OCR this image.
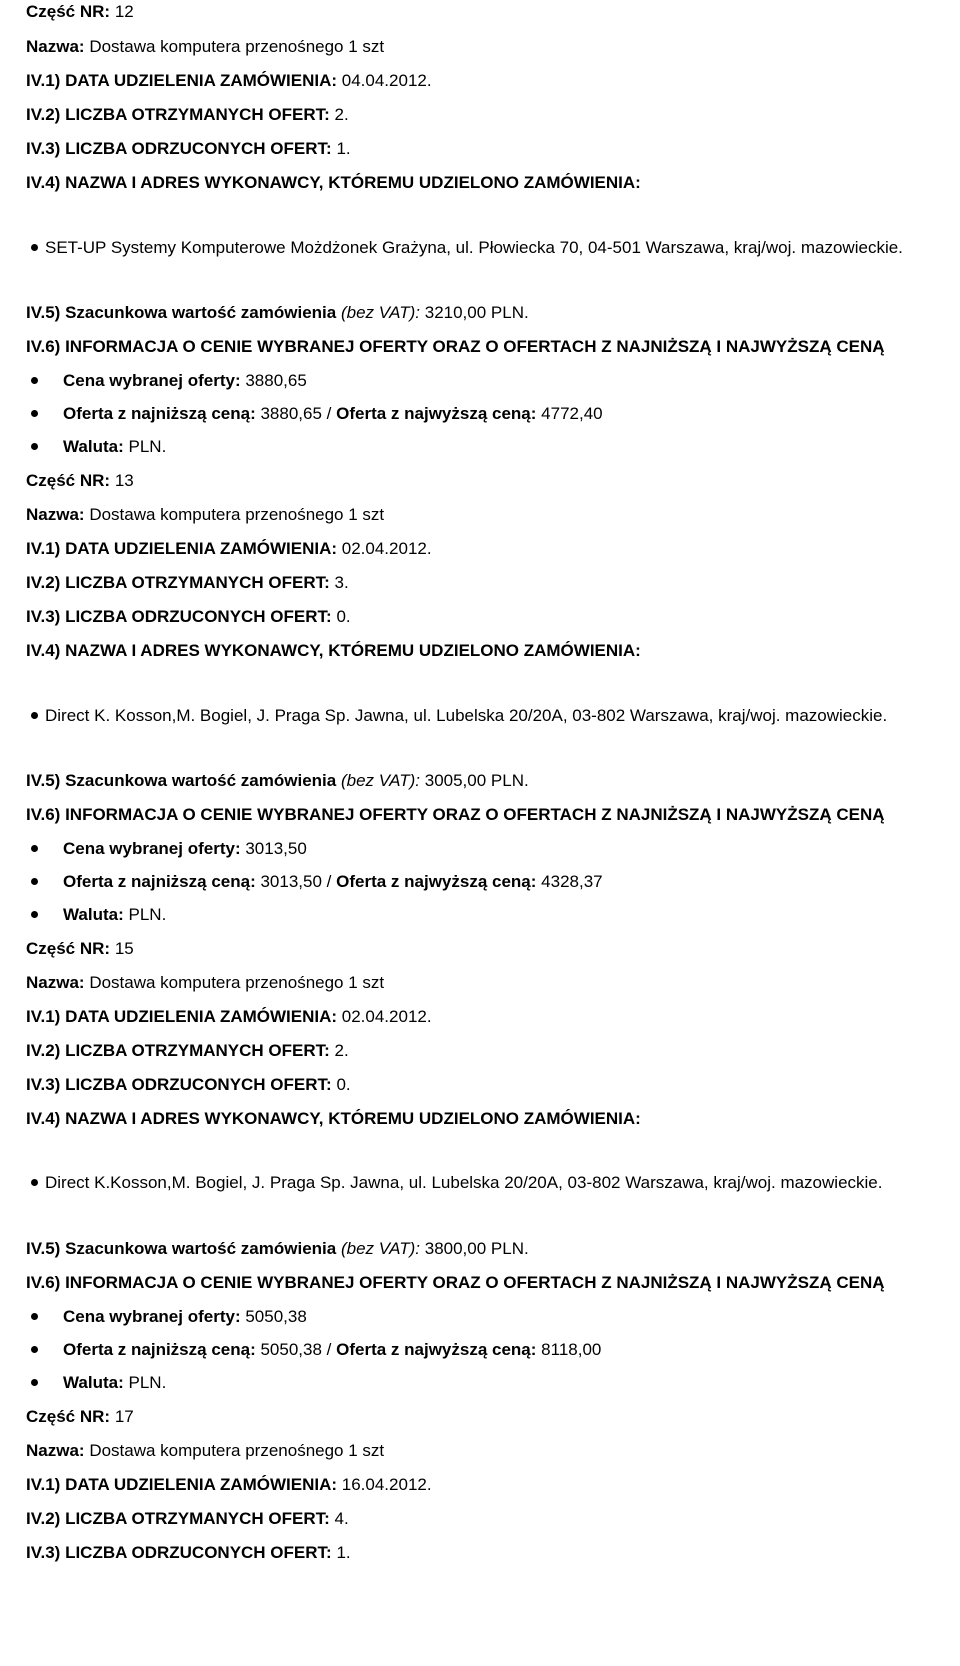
Część NR: 12
Nazwa: Dostawa komputera przenośnego 1 szt
IV.1) DATA UDZIELENIA ZAMÓWIENIA: 04.04.2012.
IV.2) LICZBA OTRZYMANYCH OFERT: 2.
IV.3) LICZBA ODRZUCONYCH OFERT: 1.
IV.4) NAZWA I ADRES WYKONAWCY, KTÓREMU UDZIELONO ZAMÓWIENIA:
SET-UP Systemy Komputerowe Możdżonek Grażyna, ul. Płowiecka 70, 04-501 Warszawa, kraj/woj. mazowieckie.
IV.5) Szacunkowa wartość zamówienia (bez VAT): 3210,00 PLN.
IV.6) INFORMACJA O CENIE WYBRANEJ OFERTY ORAZ O OFERTACH Z NAJNIŻSZĄ I NAJWYŻSZĄ CENĄ
Cena wybranej oferty: 3880,65
Oferta z najniższą ceną: 3880,65 / Oferta z najwyższą ceną: 4772,40
Waluta: PLN.
Część NR: 13
Nazwa: Dostawa komputera przenośnego 1 szt
IV.1) DATA UDZIELENIA ZAMÓWIENIA: 02.04.2012.
IV.2) LICZBA OTRZYMANYCH OFERT: 3.
IV.3) LICZBA ODRZUCONYCH OFERT: 0.
IV.4) NAZWA I ADRES WYKONAWCY, KTÓREMU UDZIELONO ZAMÓWIENIA:
Direct K. Kosson,M. Bogiel, J. Praga Sp. Jawna, ul. Lubelska 20/20A, 03-802 Warszawa, kraj/woj. mazowieckie.
IV.5) Szacunkowa wartość zamówienia (bez VAT): 3005,00 PLN.
IV.6) INFORMACJA O CENIE WYBRANEJ OFERTY ORAZ O OFERTACH Z NAJNIŻSZĄ I NAJWYŻSZĄ CENĄ
Cena wybranej oferty: 3013,50
Oferta z najniższą ceną: 3013,50 / Oferta z najwyższą ceną: 4328,37
Waluta: PLN.
Część NR: 15
Nazwa: Dostawa komputera przenośnego 1 szt
IV.1) DATA UDZIELENIA ZAMÓWIENIA: 02.04.2012.
IV.2) LICZBA OTRZYMANYCH OFERT: 2.
IV.3) LICZBA ODRZUCONYCH OFERT: 0.
IV.4) NAZWA I ADRES WYKONAWCY, KTÓREMU UDZIELONO ZAMÓWIENIA:
Direct K.Kosson,M. Bogiel, J. Praga Sp. Jawna, ul. Lubelska 20/20A, 03-802 Warszawa, kraj/woj. mazowieckie.
IV.5) Szacunkowa wartość zamówienia (bez VAT): 3800,00 PLN.
IV.6) INFORMACJA O CENIE WYBRANEJ OFERTY ORAZ O OFERTACH Z NAJNIŻSZĄ I NAJWYŻSZĄ CENĄ
Cena wybranej oferty: 5050,38
Oferta z najniższą ceną: 5050,38 / Oferta z najwyższą ceną: 8118,00
Waluta: PLN.
Część NR: 17
Nazwa: Dostawa komputera przenośnego 1 szt
IV.1) DATA UDZIELENIA ZAMÓWIENIA: 16.04.2012.
IV.2) LICZBA OTRZYMANYCH OFERT: 4.
IV.3) LICZBA ODRZUCONYCH OFERT: 1.
